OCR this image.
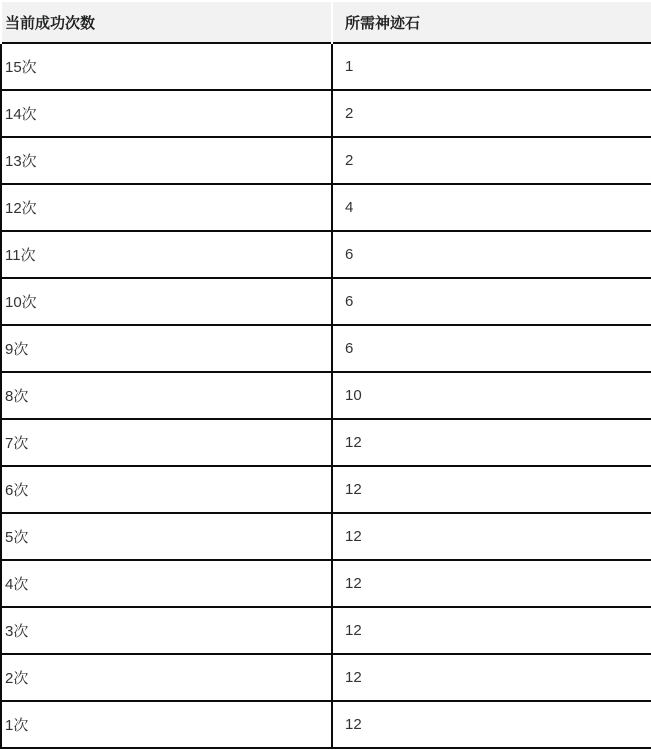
当前成功次数	所需神迹石
15次	1
14次	2
13次	2
12次	4
11次	6
10次	6
9次	6
8次	10
7次	12
6次	12
5次	12
4次	12
3次	12
2次	12
1次	12
